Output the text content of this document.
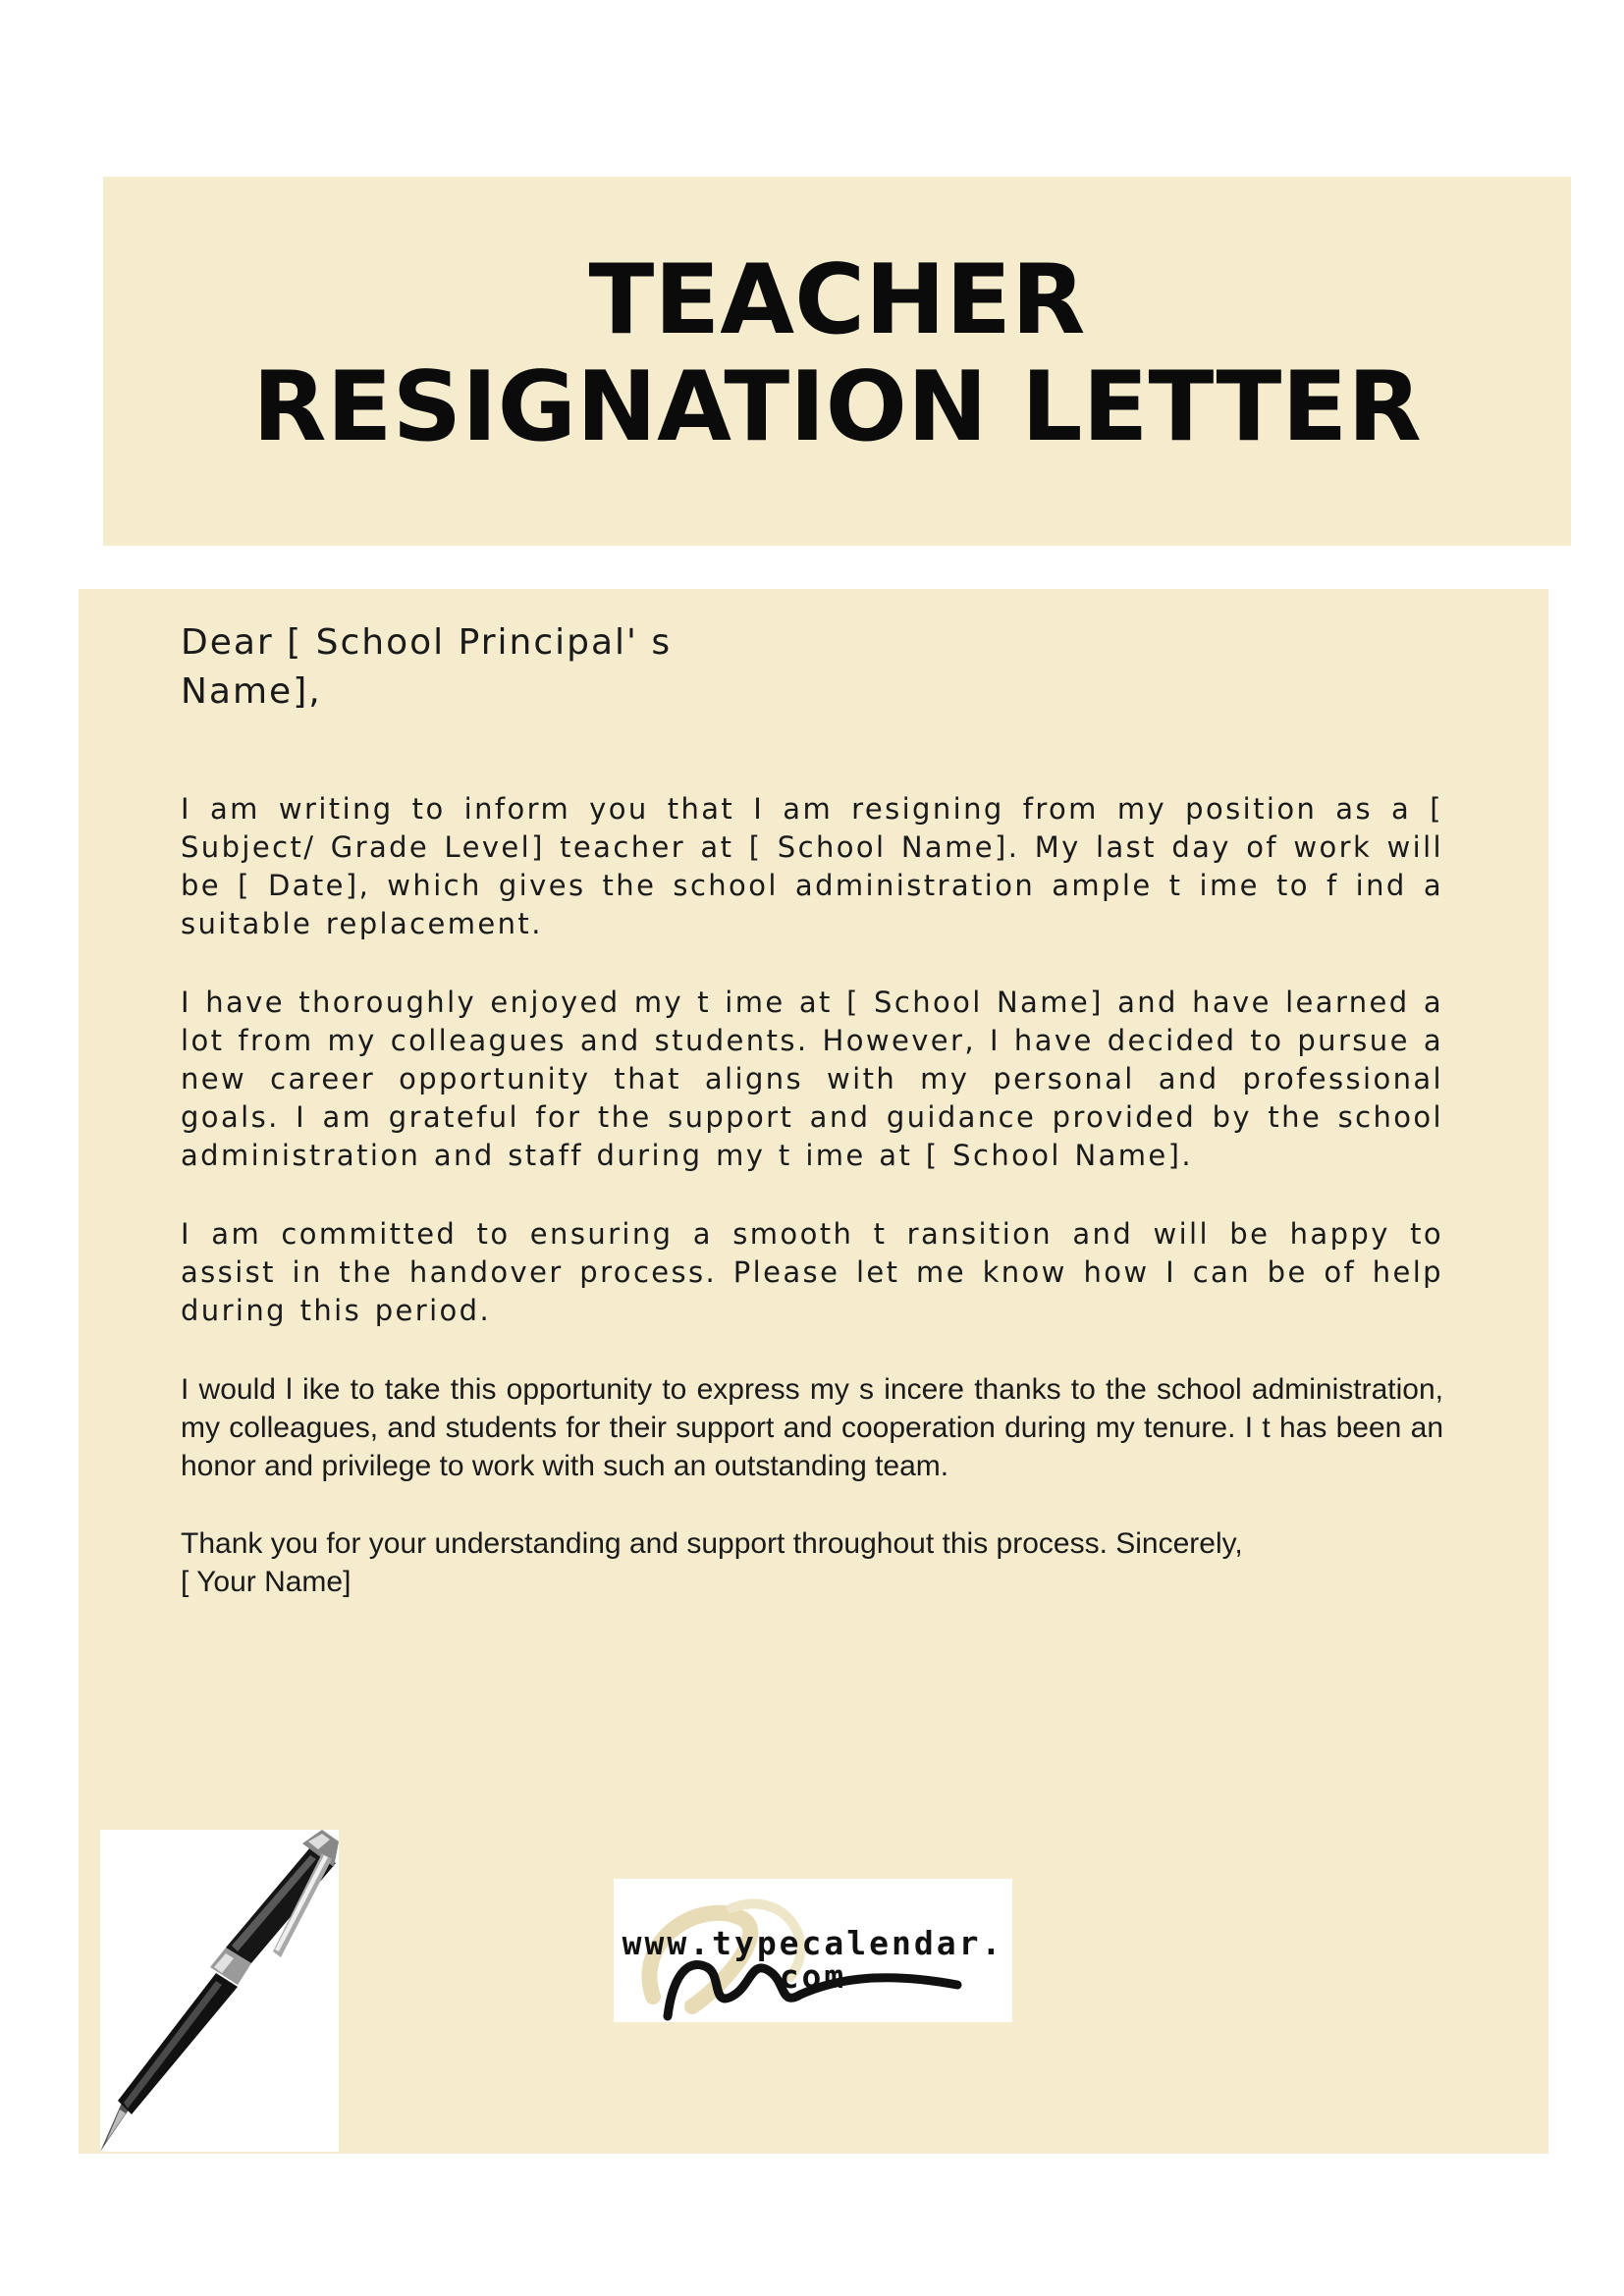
TEACHER
RESIGNATION LETTER
Dear [ School Principal' s Name],

I am writing to inform you that I am resigning from my position as a [ Subject/ Grade Level] teacher at [ School Name]. My last day of work will be [ Date], which gives the school administration ample t ime to f ind a suitable replacement.

I have thoroughly enjoyed my t ime at [ School Name] and have learned a lot from my colleagues and students. However, I have decided to pursue a new career opportunity that aligns with my personal and professional goals. I am grateful for the support and guidance provided by the school administration and staff during my t ime at [ School Name].

I am committed to ensuring a smooth t ransition and will be happy to assist in the handover process. Please let me know how I can be of help during this period.

I would l ike to take this opportunity to express my s incere thanks to the school administration, my colleagues, and students for their support and cooperation during my tenure. I t has been an honor and privilege to work with such an outstanding team.

Thank you for your understanding and support throughout this process. Sincerely,

[ Your Name]

www.typecalendar.
com
